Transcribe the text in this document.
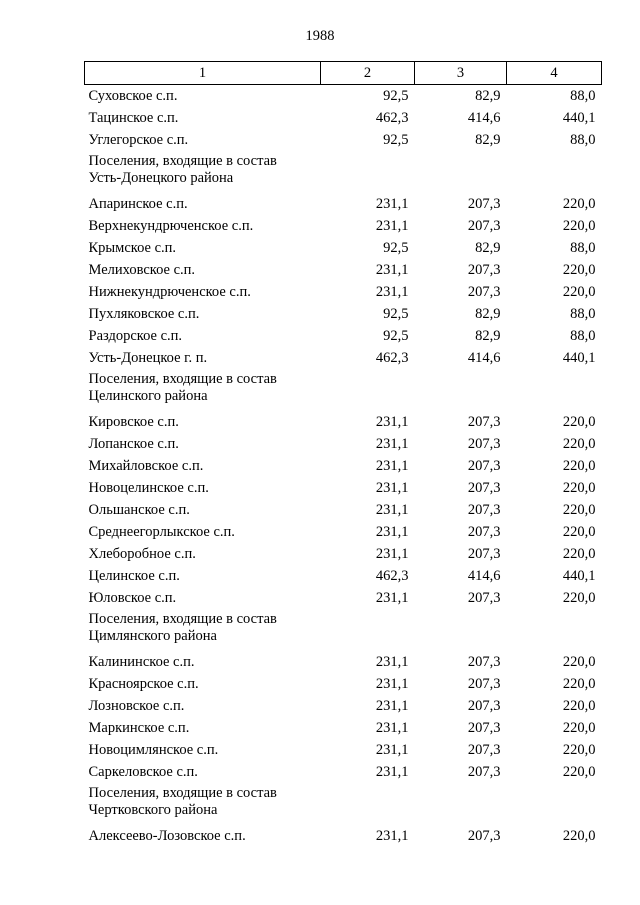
1988
1	2	3	4
Суховское с.п.	92,5	82,9	88,0
Тацинское с.п.	462,3	414,6	440,1
Углегорское с.п.	92,5	82,9	88,0

Поселения, входящие в состав
Усть-Донецкого района			

Апаринское с.п.	231,1	207,3	220,0
Верхнекундрюченское с.п.	231,1	207,3	220,0
Крымское с.п.	92,5	82,9	88,0
Мелиховское с.п.	231,1	207,3	220,0
Нижнекундрюченское с.п.	231,1	207,3	220,0
Пухляковское с.п.	92,5	82,9	88,0
Раздорское с.п.	92,5	82,9	88,0
Усть-Донецкое г. п.	462,3	414,6	440,1

Поселения, входящие в состав
Целинского района			

Кировское с.п.	231,1	207,3	220,0
Лопанское с.п.	231,1	207,3	220,0
Михайловское с.п.	231,1	207,3	220,0
Новоцелинское с.п.	231,1	207,3	220,0
Ольшанское с.п.	231,1	207,3	220,0
Среднеегорлыкское с.п.	231,1	207,3	220,0
Хлеборобное с.п.	231,1	207,3	220,0
Целинское с.п.	462,3	414,6	440,1
Юловское с.п.	231,1	207,3	220,0

Поселения, входящие в состав
Цимлянского района			

Калининское с.п.	231,1	207,3	220,0
Красноярское с.п.	231,1	207,3	220,0
Лозновское с.п.	231,1	207,3	220,0
Маркинское с.п.	231,1	207,3	220,0
Новоцимлянское с.п.	231,1	207,3	220,0
Саркеловское с.п.	231,1	207,3	220,0

Поселения, входящие в состав
Чертковского района			

Алексеево-Лозовское с.п.	231,1	207,3	220,0
